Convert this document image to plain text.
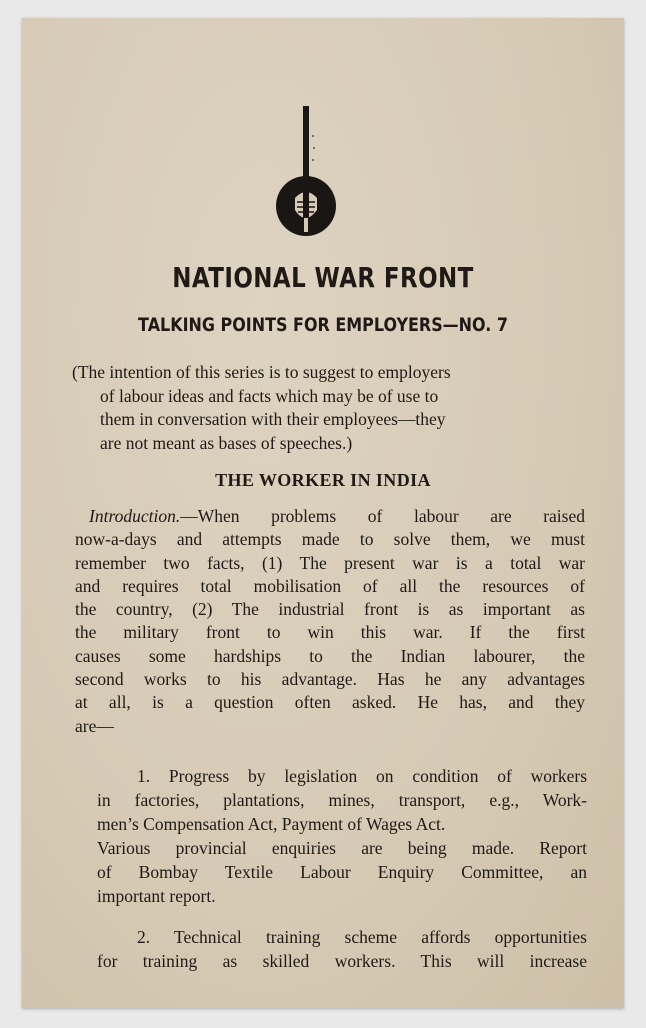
NATIONAL WAR FRONT
TALKING POINTS FOR EMPLOYERS—NO. 7

(The intention of this series is to suggest to employers
of labour ideas and facts which may be of use to
them in conversation with their employees—they
are not meant as bases of speeches.)

THE WORKER IN INDIA

Introduction.—When problems of labour are raised
now-a-days and attempts made to solve them, we must
remember two facts, (1) The present war is a total war
and requires total mobilisation of all the resources of
the country, (2) The industrial front is as important as
the military front to win this war. If the first
causes some hardships to the Indian labourer, the
second works to his advantage. Has he any advantages
at all, is a question often asked. He has, and they
are—

1. Progress by legislation on condition of workers
in factories, plantations, mines, transport, e.g., Work-
men’s Compensation Act, Payment of Wages Act.
Various provincial enquiries are being made. Report
of Bombay Textile Labour Enquiry Committee, an
important report.

2. Technical training scheme affords opportunities
for training as skilled workers. This will increase
